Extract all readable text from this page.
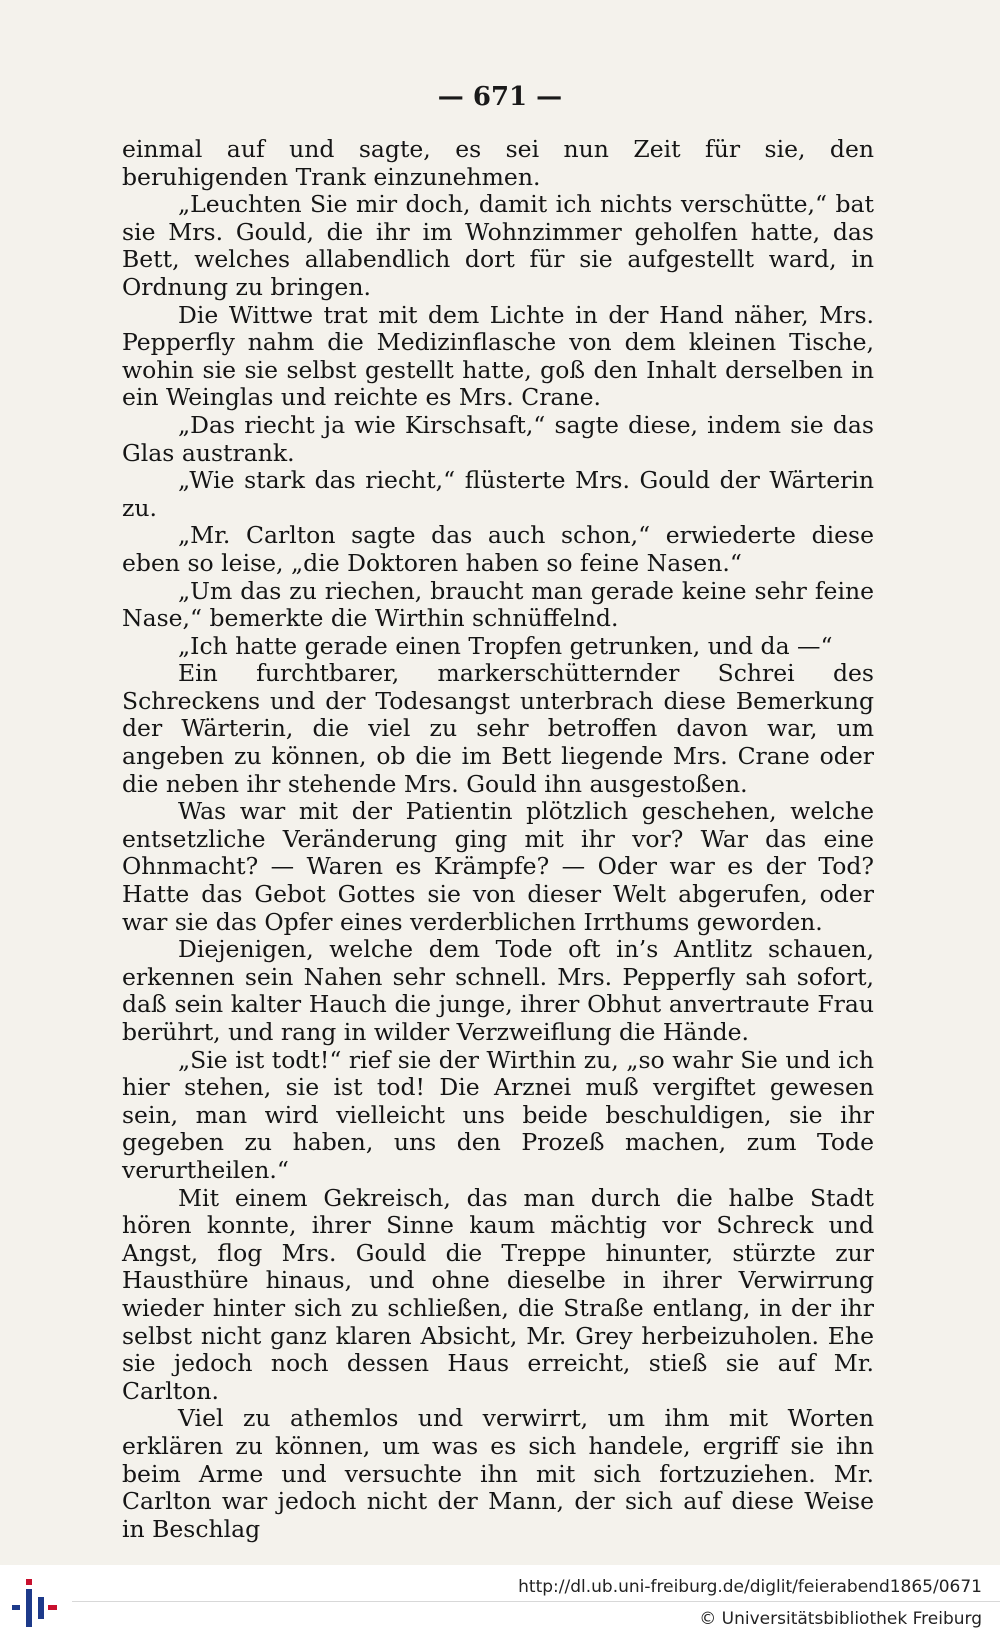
— 671 —

einmal auf und sagte, es sei nun Zeit für sie, den beruhigenden Trank einzunehmen.

„Leuchten Sie mir doch, damit ich nichts verschütte,“ bat sie Mrs. Gould, die ihr im Wohnzimmer geholfen hatte, das Bett, welches allabendlich dort für sie aufgestellt ward, in Ordnung zu bringen.

Die Wittwe trat mit dem Lichte in der Hand näher, Mrs. Pepperfly nahm die Medizinflasche von dem kleinen Tische, wohin sie sie selbst gestellt hatte, goß den Inhalt derselben in ein Weinglas und reichte es Mrs. Crane.

„Das riecht ja wie Kirschsaft,“ sagte diese, indem sie das Glas austrank.

„Wie stark das riecht,“ flüsterte Mrs. Gould der Wärterin zu.

„Mr. Carlton sagte das auch schon,“ erwiederte diese eben so leise, „die Doktoren haben so feine Nasen.“

„Um das zu riechen, braucht man gerade keine sehr feine Nase,“ bemerkte die Wirthin schnüffelnd.

„Ich hatte gerade einen Tropfen getrunken, und da —“

Ein furchtbarer, markerschütternder Schrei des Schreckens und der Todesangst unterbrach diese Bemerkung der Wärterin, die viel zu sehr betroffen davon war, um angeben zu können, ob die im Bett liegende Mrs. Crane oder die neben ihr stehende Mrs. Gould ihn ausgestoßen.

Was war mit der Patientin plötzlich geschehen, welche entsetzliche Veränderung ging mit ihr vor? War das eine Ohnmacht? — Waren es Krämpfe? — Oder war es der Tod? Hatte das Gebot Gottes sie von dieser Welt abgerufen, oder war sie das Opfer eines verderblichen Irrthums geworden.

Diejenigen, welche dem Tode oft in’s Antlitz schauen, erkennen sein Nahen sehr schnell. Mrs. Pepperfly sah sofort, daß sein kalter Hauch die junge, ihrer Obhut anvertraute Frau berührt, und rang in wilder Verzweiflung die Hände.

„Sie ist todt!“ rief sie der Wirthin zu, „so wahr Sie und ich hier stehen, sie ist tod! Die Arznei muß vergiftet gewesen sein, man wird vielleicht uns beide beschuldigen, sie ihr gegeben zu haben, uns den Prozeß machen, zum Tode verurtheilen.“

Mit einem Gekreisch, das man durch die halbe Stadt hören konnte, ihrer Sinne kaum mächtig vor Schreck und Angst, flog Mrs. Gould die Treppe hinunter, stürzte zur Hausthüre hinaus, und ohne dieselbe in ihrer Verwirrung wieder hinter sich zu schließen, die Straße entlang, in der ihr selbst nicht ganz klaren Absicht, Mr. Grey herbeizuholen. Ehe sie jedoch noch dessen Haus erreicht, stieß sie auf Mr. Carlton.

Viel zu athemlos und verwirrt, um ihm mit Worten erklären zu können, um was es sich handele, ergriff sie ihn beim Arme und versuchte ihn mit sich fortzuziehen. Mr. Carlton war jedoch nicht der Mann, der sich auf diese Weise in Beschlag

http://dl.ub.uni-freiburg.de/diglit/feierabend1865/0671
© Universitätsbibliothek Freiburg
